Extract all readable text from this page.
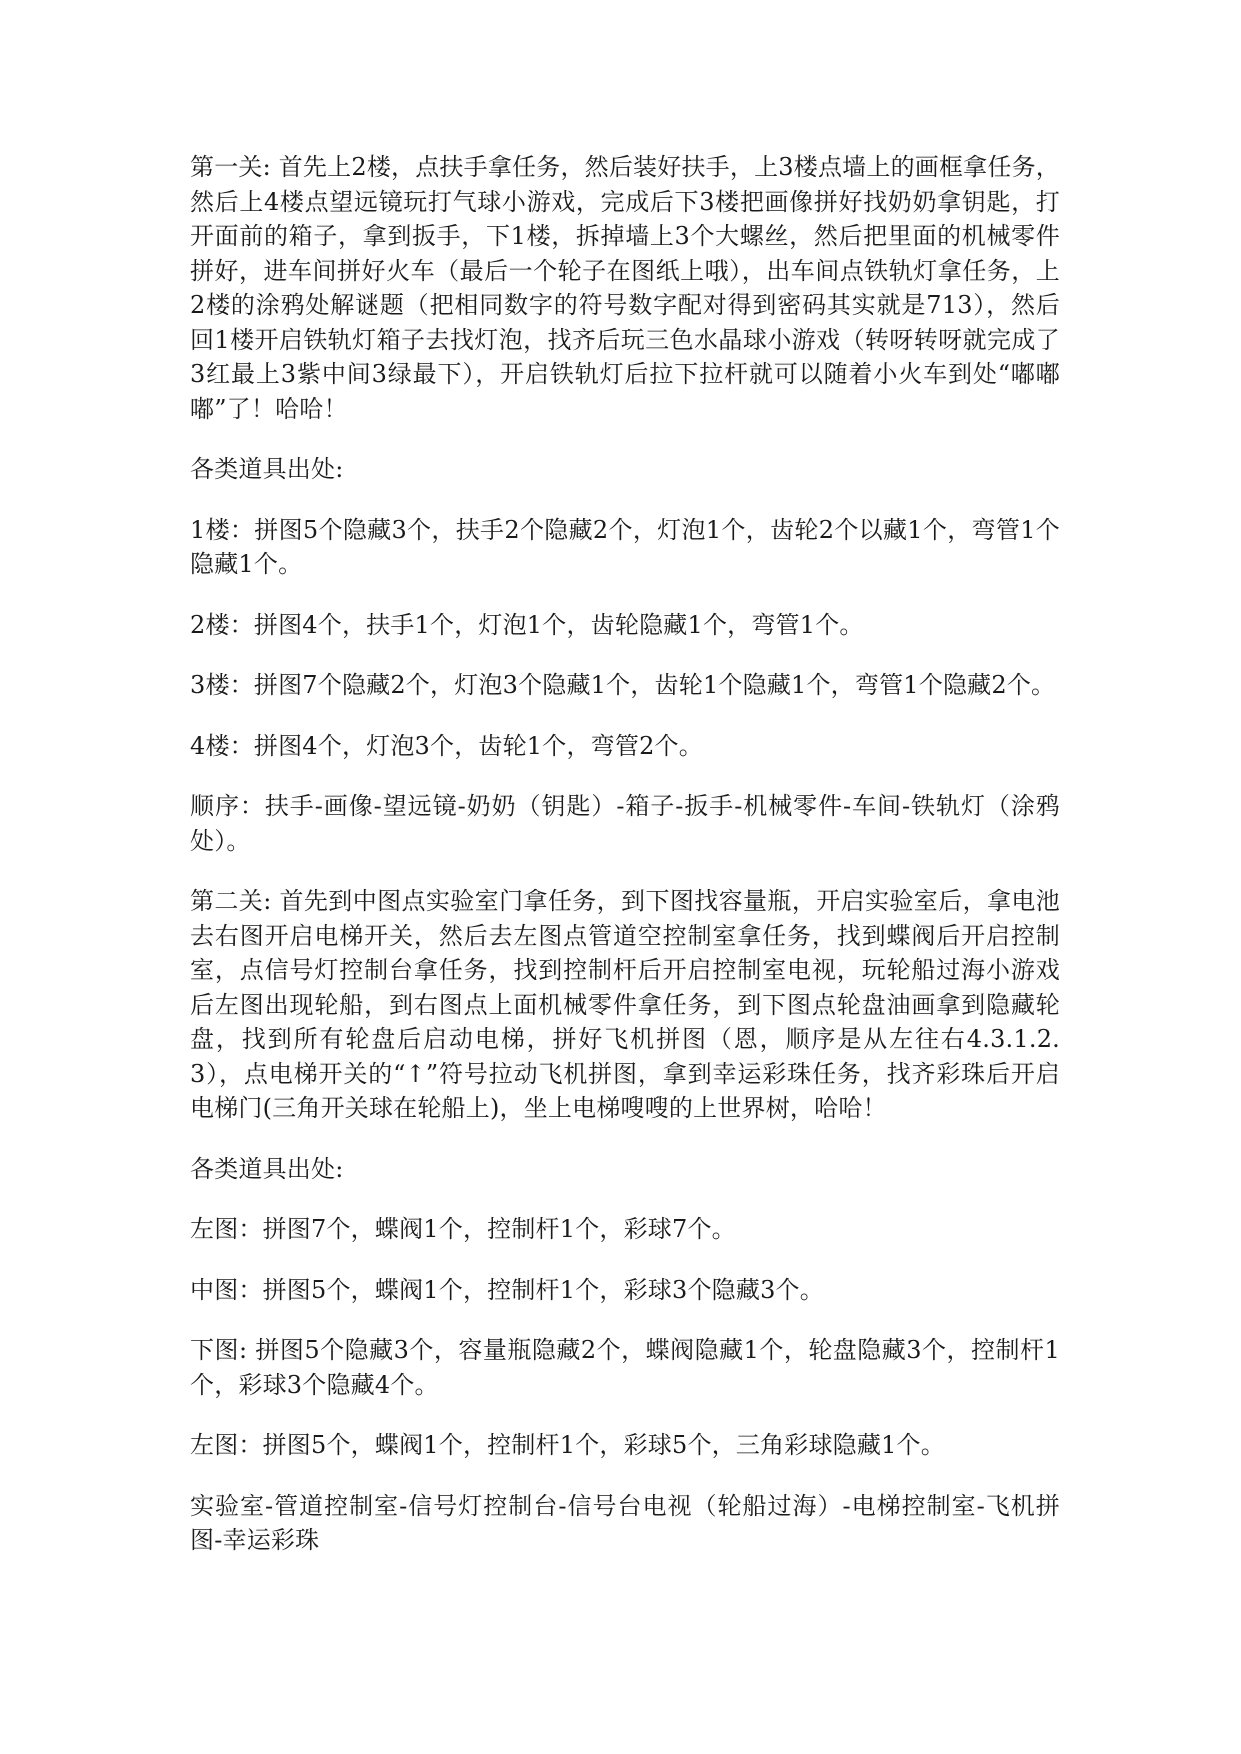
第一关: 首先上2楼，点扶手拿任务，然后装好扶手，上3楼点墙上的画框拿任务，然后上4楼点望远镜玩打气球小游戏，完成后下3楼把画像拼好找奶奶拿钥匙，打开面前的箱子，拿到扳手，下1楼，拆掉墙上3个大螺丝，然后把里面的机械零件拼好，进车间拼好火车（最后一个轮子在图纸上哦），出车间点铁轨灯拿任务，上2楼的涂鸦处解谜题（把相同数字的符号数字配对得到密码其实就是713），然后回1楼开启铁轨灯箱子去找灯泡，找齐后玩三色水晶球小游戏（转呀转呀就完成了3红最上3紫中间3绿最下），开启铁轨灯后拉下拉杆就可以随着小火车到处“嘟嘟嘟”了！哈哈！

各类道具出处:

1楼：拼图5个隐藏3个，扶手2个隐藏2个，灯泡1个，齿轮2个以藏1个，弯管1个隐藏1个。

2楼：拼图4个，扶手1个，灯泡1个，齿轮隐藏1个，弯管1个。

3楼：拼图7个隐藏2个，灯泡3个隐藏1个，齿轮1个隐藏1个，弯管1个隐藏2个。

4楼：拼图4个，灯泡3个，齿轮1个，弯管2个。

顺序：扶手-画像-望远镜-奶奶（钥匙）-箱子-扳手-机械零件-车间-铁轨灯（涂鸦处）。

第二关: 首先到中图点实验室门拿任务，到下图找容量瓶，开启实验室后，拿电池去右图开启电梯开关，然后去左图点管道空控制室拿任务，找到蝶阀后开启控制室，点信号灯控制台拿任务，找到控制杆后开启控制室电视，玩轮船过海小游戏后左图出现轮船，到右图点上面机械零件拿任务，到下图点轮盘油画拿到隐藏轮盘，找到所有轮盘后启动电梯，拼好飞机拼图（恩，顺序是从左往右4.3.1.2.3），点电梯开关的“↑”符号拉动飞机拼图，拿到幸运彩珠任务，找齐彩珠后开启电梯门(三角开关球在轮船上)，坐上电梯嗖嗖的上世界树，哈哈！

各类道具出处:

左图：拼图7个，蝶阀1个，控制杆1个，彩球7个。

中图：拼图5个，蝶阀1个，控制杆1个，彩球3个隐藏3个。

下图: 拼图5个隐藏3个，容量瓶隐藏2个，蝶阀隐藏1个，轮盘隐藏3个，控制杆1个，彩球3个隐藏4个。

左图：拼图5个，蝶阀1个，控制杆1个，彩球5个，三角彩球隐藏1个。

实验室-管道控制室-信号灯控制台-信号台电视（轮船过海）-电梯控制室-飞机拼图-幸运彩珠
